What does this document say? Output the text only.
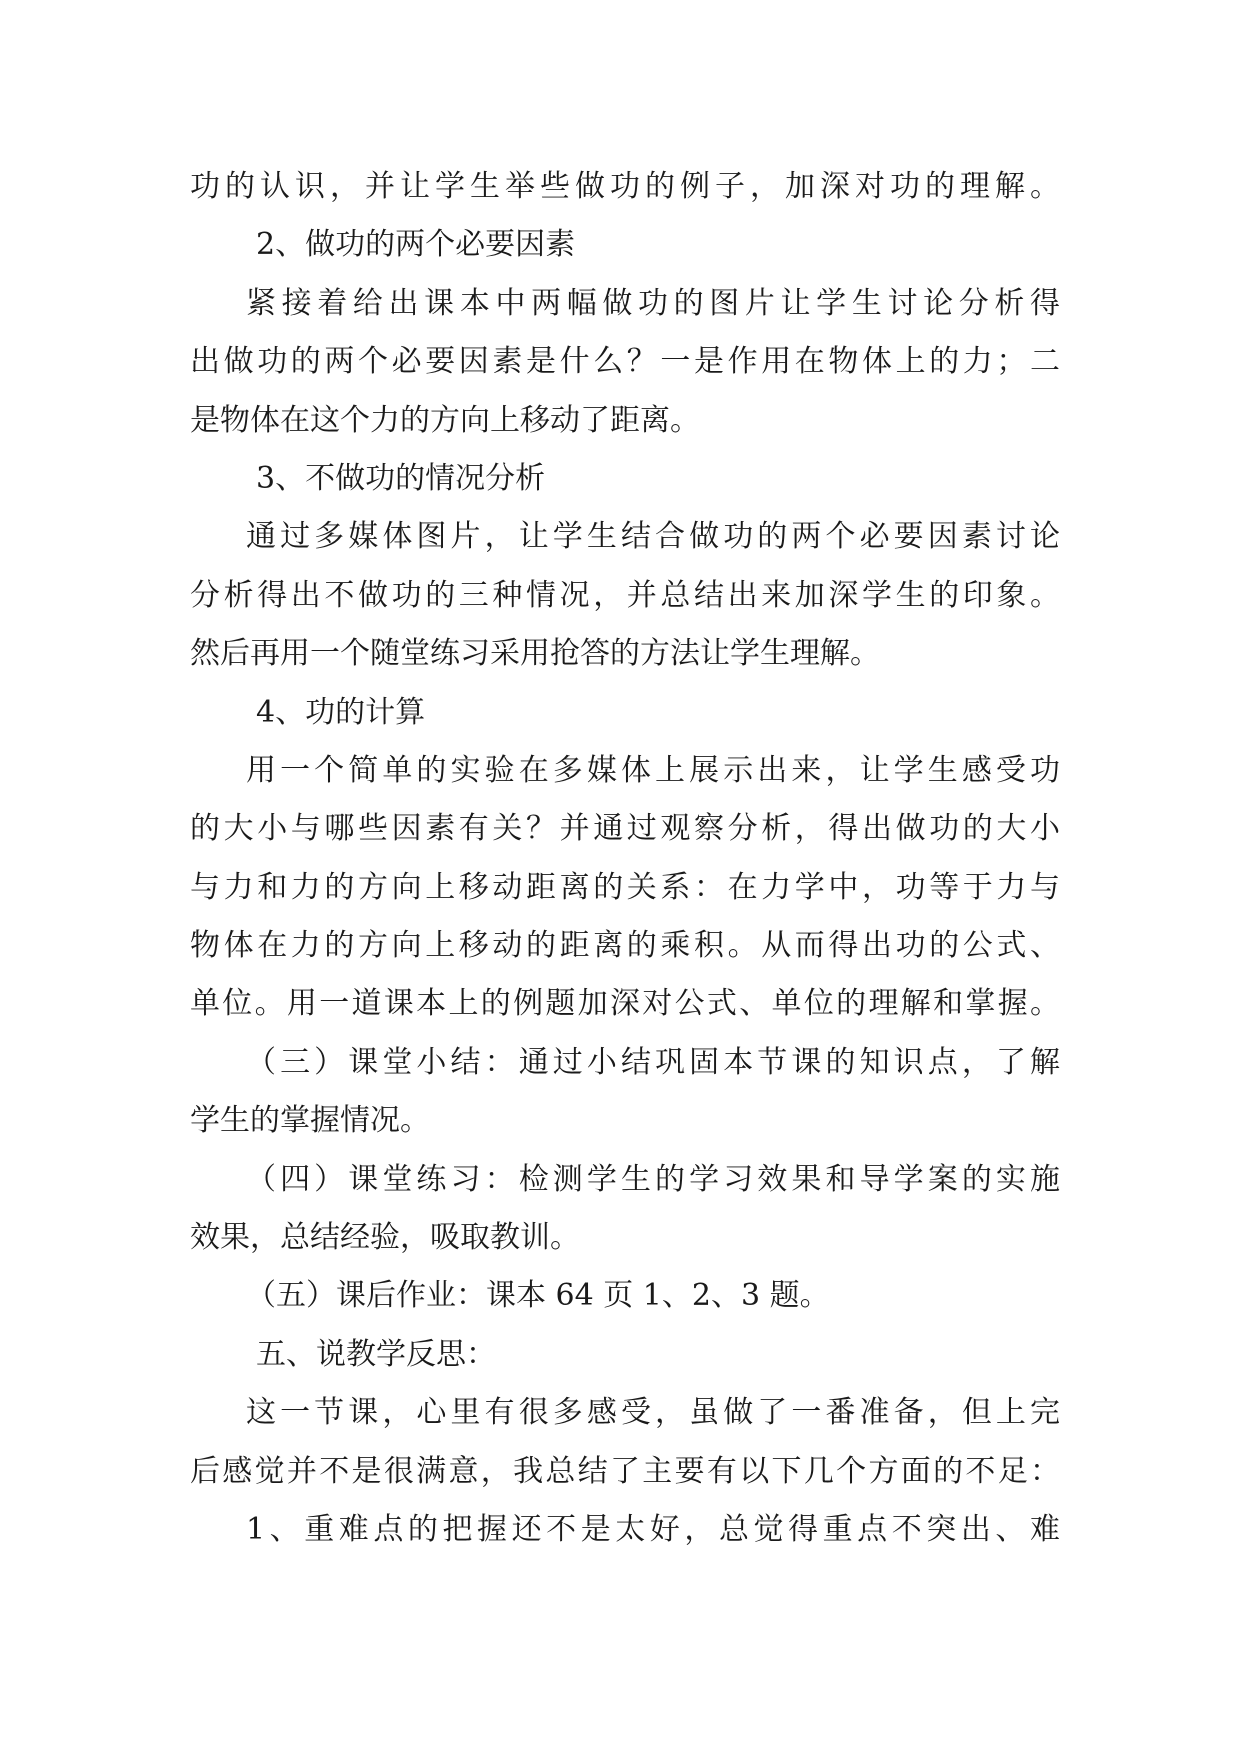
功的认识，并让学生举些做功的例子，加深对功的理解。
2、做功的两个必要因素
紧接着给出课本中两幅做功的图片让学生讨论分析得
出做功的两个必要因素是什么？一是作用在物体上的力；二
是物体在这个力的方向上移动了距离。
3、不做功的情况分析
通过多媒体图片，让学生结合做功的两个必要因素讨论
分析得出不做功的三种情况，并总结出来加深学生的印象。
然后再用一个随堂练习采用抢答的方法让学生理解。
4、功的计算
用一个简单的实验在多媒体上展示出来，让学生感受功
的大小与哪些因素有关？并通过观察分析，得出做功的大小
与力和力的方向上移动距离的关系：在力学中，功等于力与
物体在力的方向上移动的距离的乘积。从而得出功的公式、
单位。用一道课本上的例题加深对公式、单位的理解和掌握。
（三）课堂小结：通过小结巩固本节课的知识点，了解
学生的掌握情况。
（四）课堂练习：检测学生的学习效果和导学案的实施
效果，总结经验，吸取教训。
（五）课后作业：课本 64 页 1、2、3 题。
五、说教学反思：
这一节课，心里有很多感受，虽做了一番准备，但上完
后感觉并不是很满意，我总结了主要有以下几个方面的不足：
1、重难点的把握还不是太好，总觉得重点不突出、难
